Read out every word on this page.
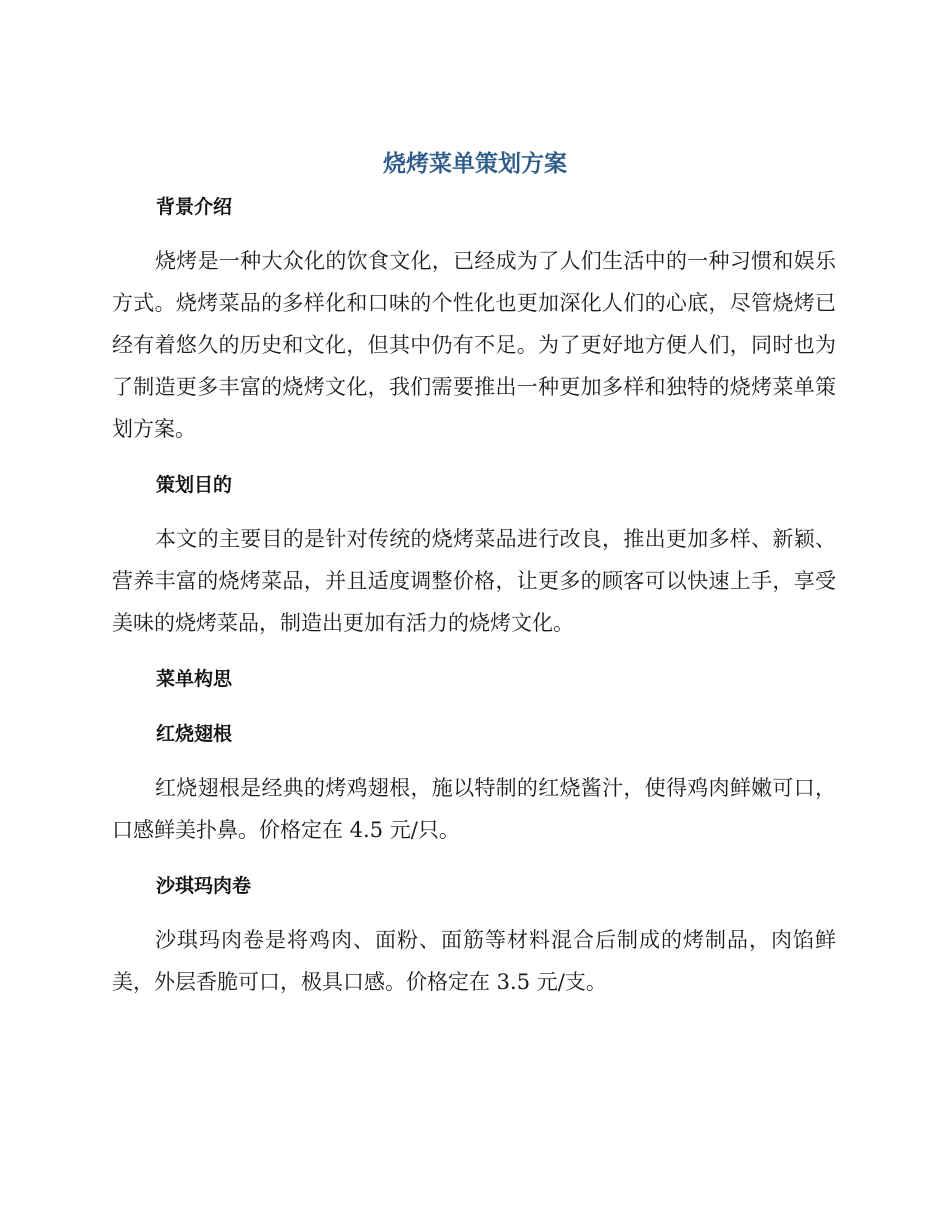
烧烤菜单策划方案
背景介绍

烧烤是一种大众化的饮食文化，已经成为了人们生活中的一种习惯和娱乐方式。烧烤菜品的多样化和口味的个性化也更加深化人们的心底，尽管烧烤已经有着悠久的历史和文化，但其中仍有不足。为了更好地方便人们，同时也为了制造更多丰富的烧烤文化，我们需要推出一种更加多样和独特的烧烤菜单策划方案。

策划目的

本文的主要目的是针对传统的烧烤菜品进行改良，推出更加多样、新颖、营养丰富的烧烤菜品，并且适度调整价格，让更多的顾客可以快速上手，享受美味的烧烤菜品，制造出更加有活力的烧烤文化。

菜单构思
红烧翅根

红烧翅根是经典的烤鸡翅根，施以特制的红烧酱汁，使得鸡肉鲜嫩可口，口感鲜美扑鼻。价格定在 4.5 元/只。

沙琪玛肉卷

沙琪玛肉卷是将鸡肉、面粉、面筋等材料混合后制成的烤制品，肉馅鲜美，外层香脆可口，极具口感。价格定在 3.5 元/支。
